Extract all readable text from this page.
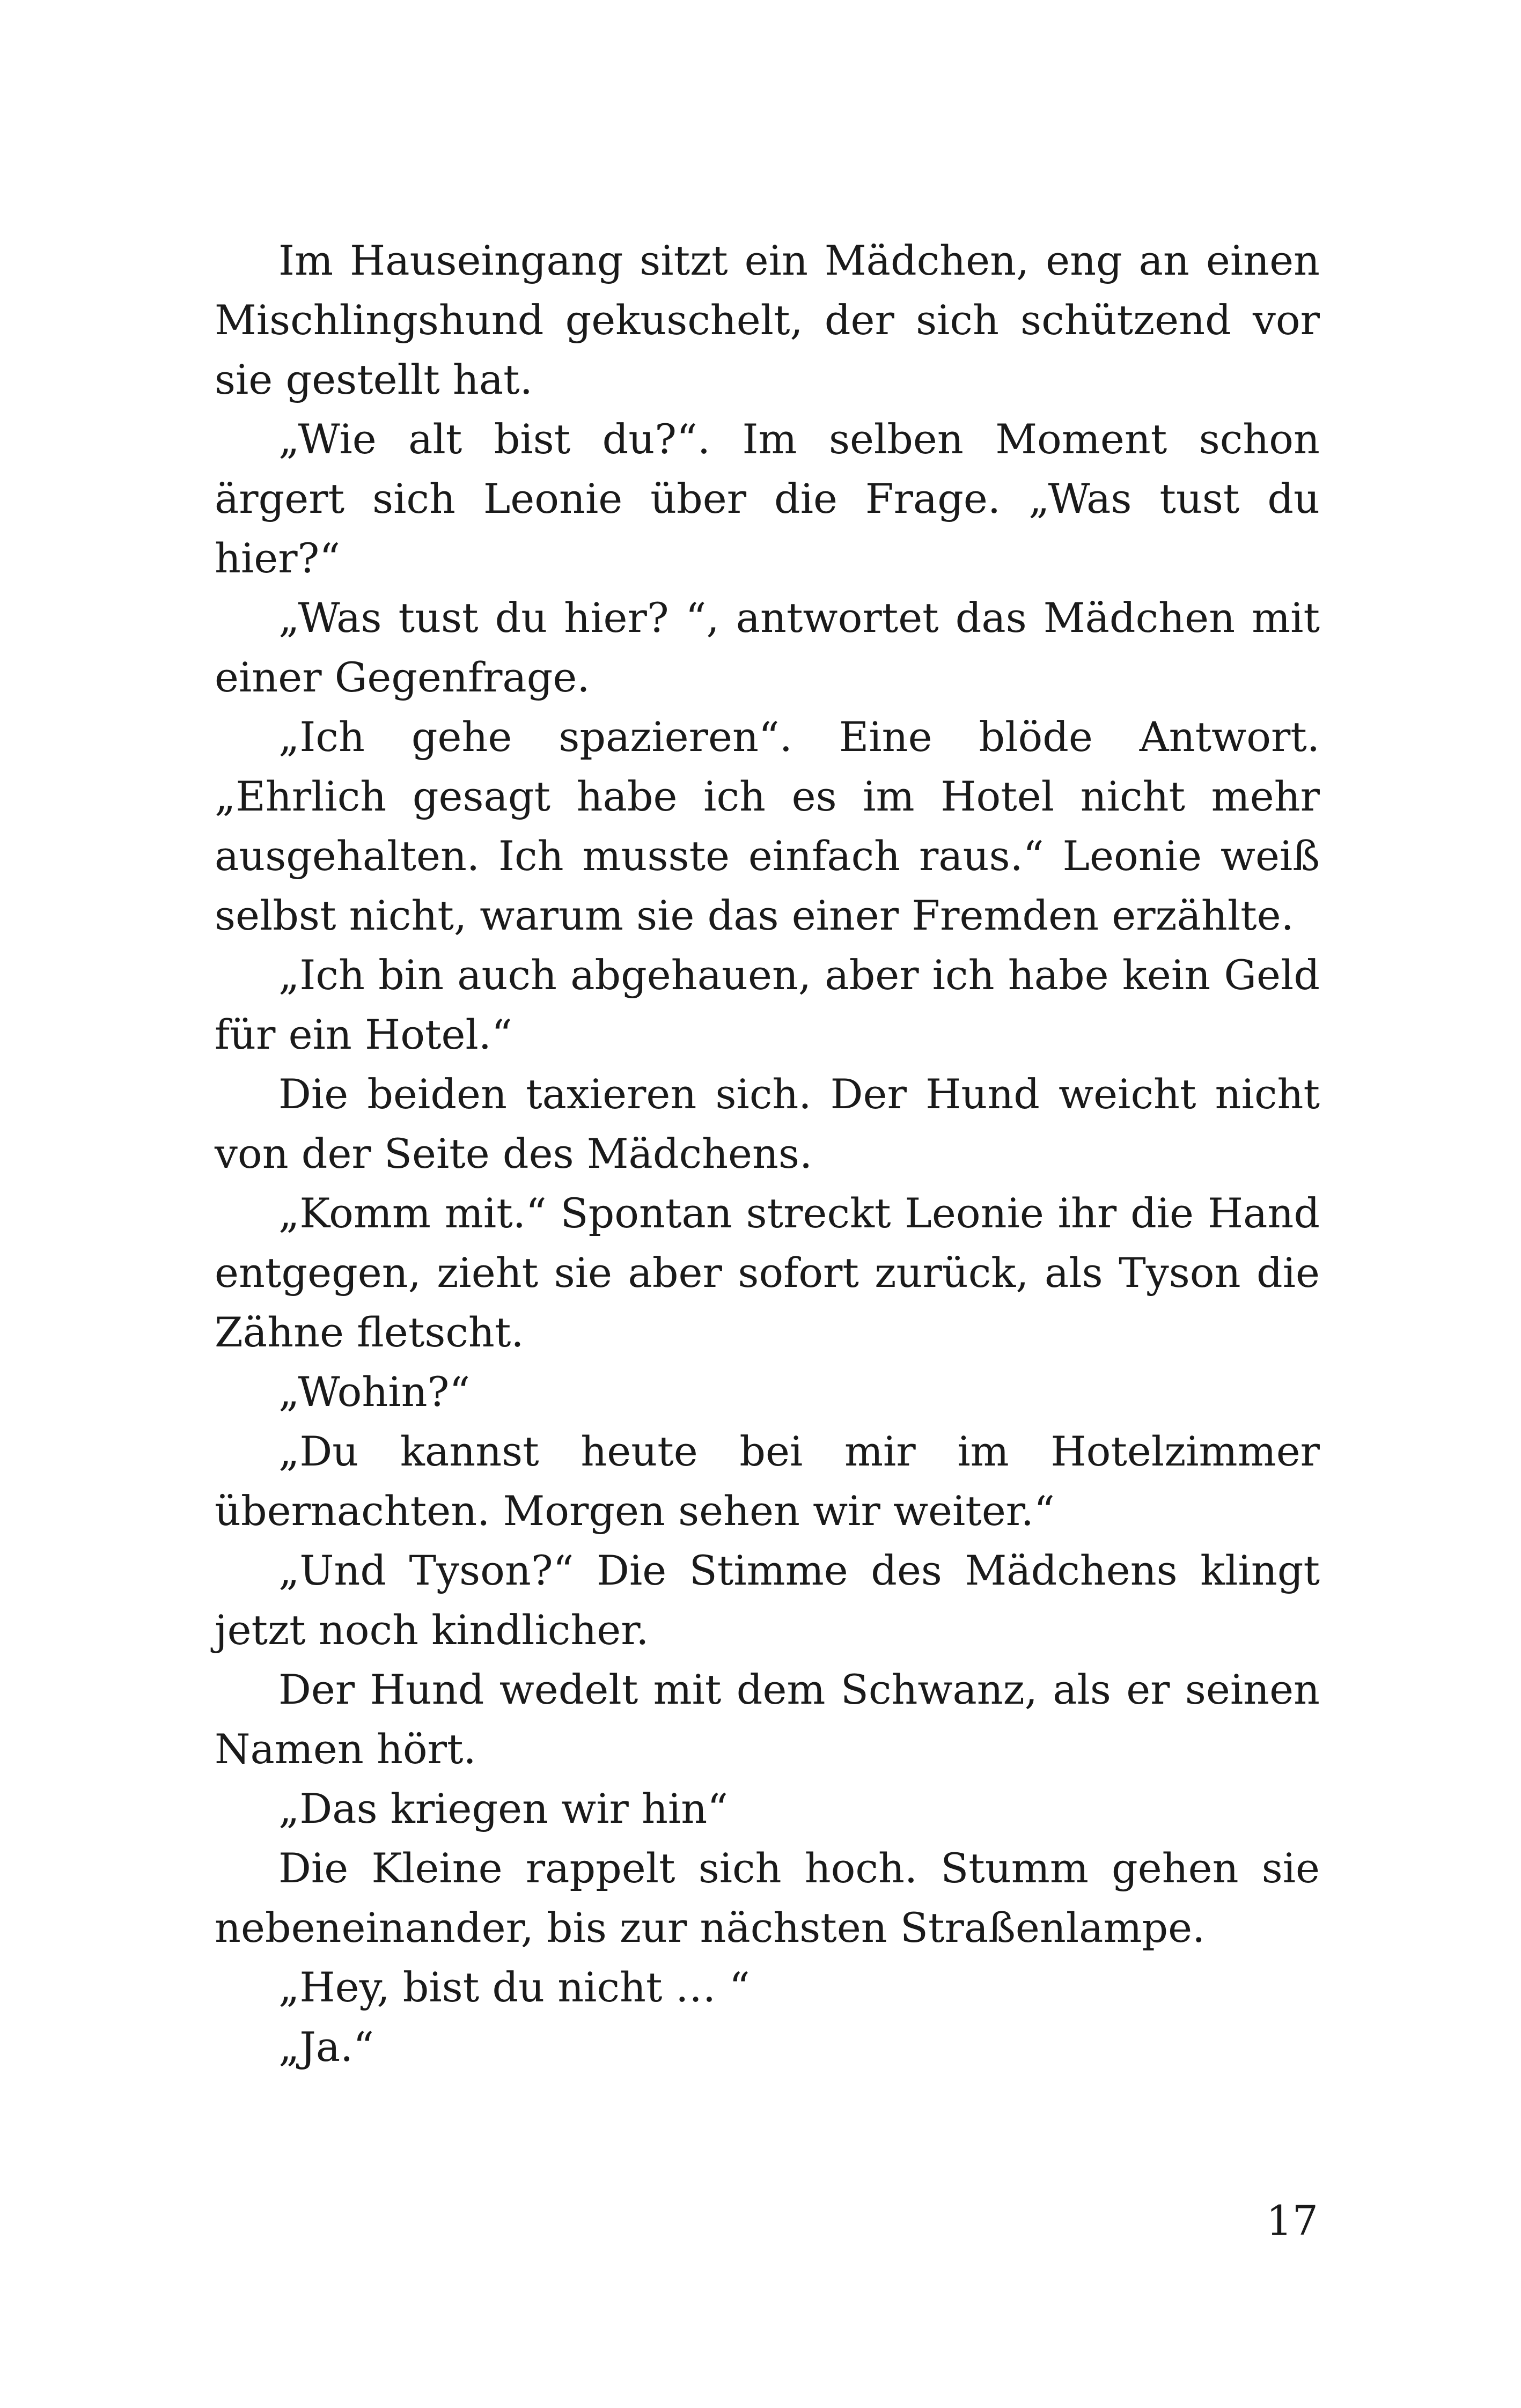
Im Hauseingang sitzt ein Mädchen, eng an einen Mischlingshund gekuschelt, der sich schützend vor sie gestellt hat.

„Wie alt bist du?“. Im selben Moment schon ärgert sich Leonie über die Frage. „Was tust du hier?“

„Was tust du hier? “, antwortet das Mädchen mit einer Gegenfrage.

„Ich gehe spazieren“. Eine blöde Antwort. „Ehrlich gesagt habe ich es im Hotel nicht mehr ausgehalten. Ich musste einfach raus.“ Leonie weiß selbst nicht, warum sie das einer Fremden erzählte.

„Ich bin auch abgehauen, aber ich habe kein Geld für ein Hotel.“

Die beiden taxieren sich. Der Hund weicht nicht von der Seite des Mädchens.

„Komm mit.“ Spontan streckt Leonie ihr die Hand entgegen, zieht sie aber sofort zurück, als Tyson die Zähne fletscht.

„Wohin?“

„Du kannst heute bei mir im Hotelzimmer übernachten. Morgen sehen wir weiter.“

„Und Tyson?“ Die Stimme des Mädchens klingt jetzt noch kindlicher.

Der Hund wedelt mit dem Schwanz, als er seinen Namen hört.

„Das kriegen wir hin“

Die Kleine rappelt sich hoch. Stumm gehen sie nebeneinander, bis zur nächsten Straßenlampe.

„Hey, bist du nicht … “

„Ja.“

17
